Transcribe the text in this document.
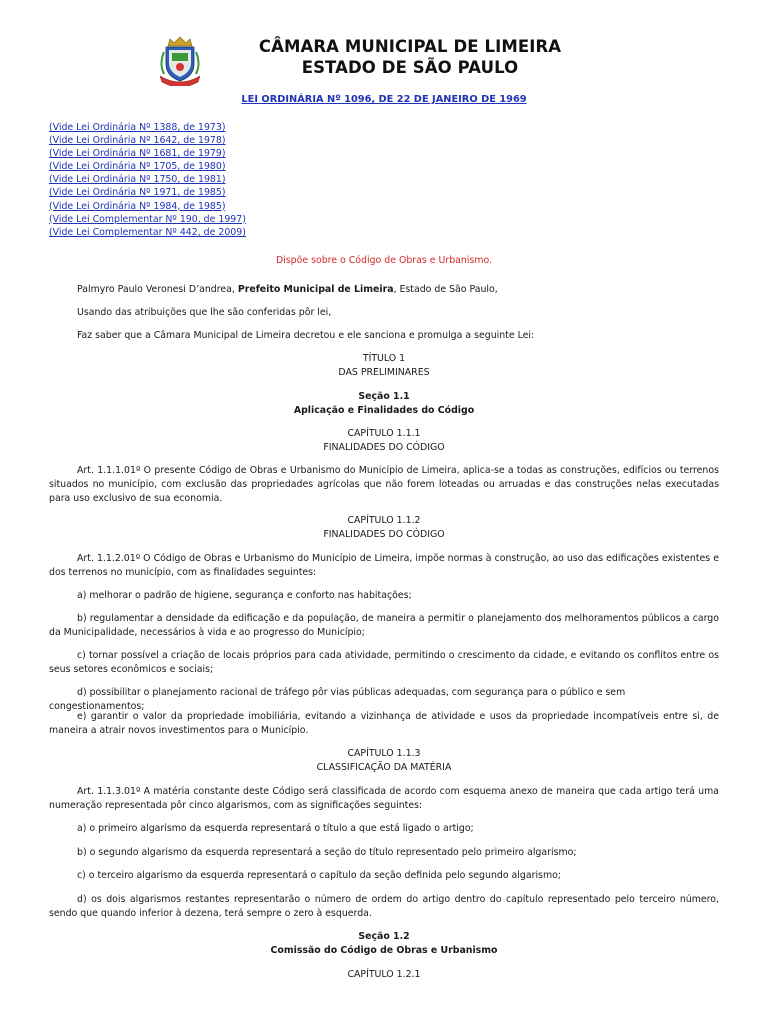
CÂMARA MUNICIPAL DE LIMEIRA
ESTADO DE SÃO PAULO
LEI ORDINÁRIA Nº 1096, DE 22 DE JANEIRO DE 1969
(Vide Lei Ordinária Nº 1388, de 1973)
(Vide Lei Ordinária Nº 1642, de 1978)
(Vide Lei Ordinária Nº 1681, de 1979)
(Vide Lei Ordinária Nº 1705, de 1980)
(Vide Lei Ordinária Nº 1750, de 1981)
(Vide Lei Ordinária Nº 1971, de 1985)
(Vide Lei Ordinária Nº 1984, de 1985)
(Vide Lei Complementar Nº 190, de 1997)
(Vide Lei Complementar Nº 442, de 2009)
Dispõe sobre o Código de Obras e Urbanismo.

Palmyro Paulo Veronesi D’andrea, Prefeito Municipal de Limeira, Estado de São Paulo,

Usando das atribuições que lhe são conferidas pôr lei,

Faz saber que a Câmara Municipal de Limeira decretou e ele sanciona e promulga a seguinte Lei:

TÍTULO 1
DAS PRELIMINARES
Seção 1.1
Aplicação e Finalidades do Código
CAPÍTULO 1.1.1
FINALIDADES DO CÓDIGO

Art. 1.1.1.01º O presente Código de Obras e Urbanismo do Município de Limeira, aplica-se a todas as construções, edifícios ou terrenos situados no município, com exclusão das propriedades agrícolas que não forem loteadas ou arruadas e das construções nelas executadas para uso exclusivo de sua economia.

CAPÍTULO 1.1.2
FINALIDADES DO CÓDIGO

Art. 1.1.2.01º O Código de Obras e Urbanismo do Município de Limeira, impõe normas à construção, ao uso das edificações existentes e dos terrenos no município, com as finalidades seguintes:

a) melhorar o padrão de higiene, segurança e conforto nas habitações;

b) regulamentar a densidade da edificação e da população, de maneira a permitir o planejamento dos melhoramentos públicos a cargo da Municipalidade, necessários à vida e ao progresso do Município;

c) tornar possível a criação de locais próprios para cada atividade, permitindo o crescimento da cidade, e evitando os conflitos entre os seus setores econômicos e sociais;

d) possibilitar o planejamento racional de tráfego pôr vias públicas adequadas, com segurança para o público e sem congestionamentos;

e) garantir o valor da propriedade imobiliária, evitando a vizinhança de atividade e usos da propriedade incompatíveis entre si, de maneira a atrair novos investimentos para o Município.

CAPÍTULO 1.1.3
CLASSIFICAÇÃO DA MATÉRIA

Art. 1.1.3.01º A matéria constante deste Código será classificada de acordo com esquema anexo de maneira que cada artigo terá uma numeração representada pôr cinco algarismos, com as significações seguintes:

a) o primeiro algarismo da esquerda representará o título a que está ligado o artigo;

b) o segundo algarismo da esquerda representará a seção do título representado pelo primeiro algarismo;

c) o terceiro algarismo da esquerda representará o capítulo da seção definida pelo segundo algarismo;

d) os dois algarismos restantes representarão o número de ordem do artigo dentro do capítulo representado pelo terceiro número, sendo que quando inferior à dezena, terá sempre o zero à esquerda.

Seção 1.2
Comissão do Código de Obras e Urbanismo
CAPÍTULO 1.2.1
